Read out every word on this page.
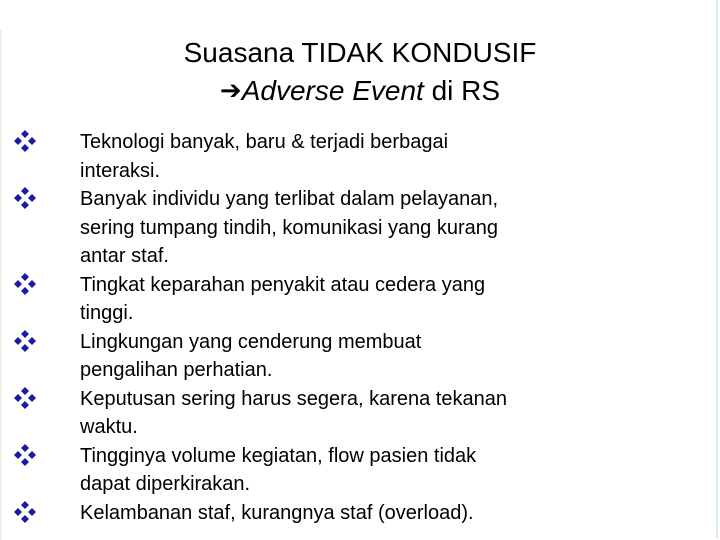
Suasana TIDAK KONDUSIF
➔Adverse Event di RS
Teknologi banyak, baru & terjadi berbagai
interaksi.
Banyak individu yang terlibat dalam pelayanan,
sering tumpang tindih, komunikasi yang kurang
antar staf.
Tingkat keparahan penyakit atau cedera yang
tinggi.
Lingkungan yang cenderung membuat
pengalihan perhatian.
Keputusan sering harus segera, karena tekanan
waktu.
Tingginya volume kegiatan, flow pasien tidak
dapat diperkirakan.
Kelambanan staf, kurangnya staf (overload).
